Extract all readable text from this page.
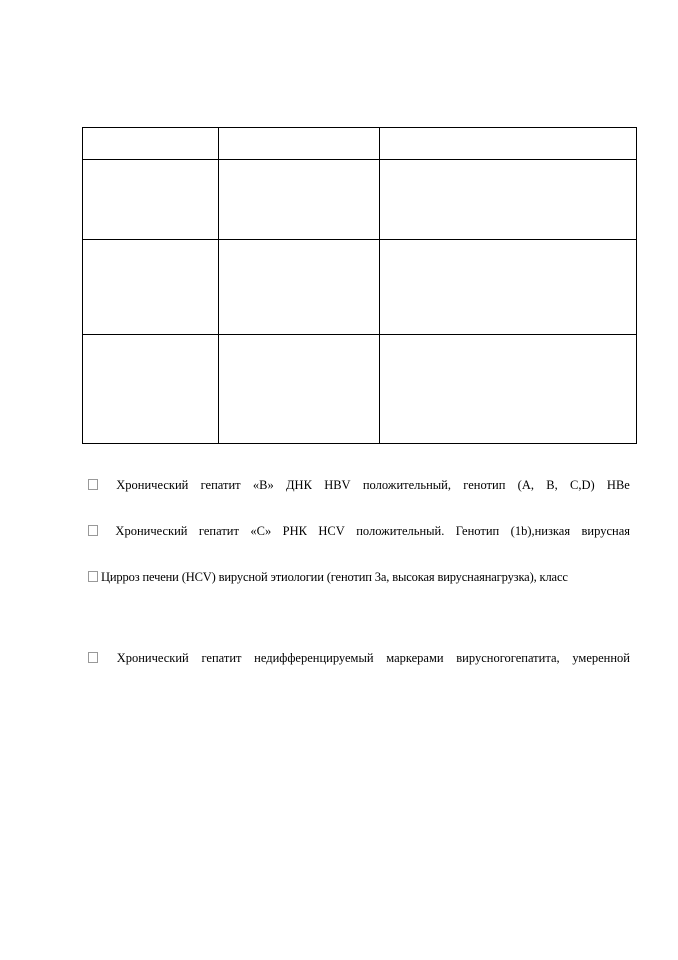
Хронический гепатит «В» ДНК HBV положительный, генотип (А, В, С,D) НВе
Хронический гепатит «С» РНК HCV положительный. Генотип (1b),низкая вирусная
Цирроз печени (HCV) вирусной этиологии (генотип 3а, высокая вируснаянагрузка), класс
Хронический гепатит недифференцируемый маркерами вирусногогепатита, умеренной
